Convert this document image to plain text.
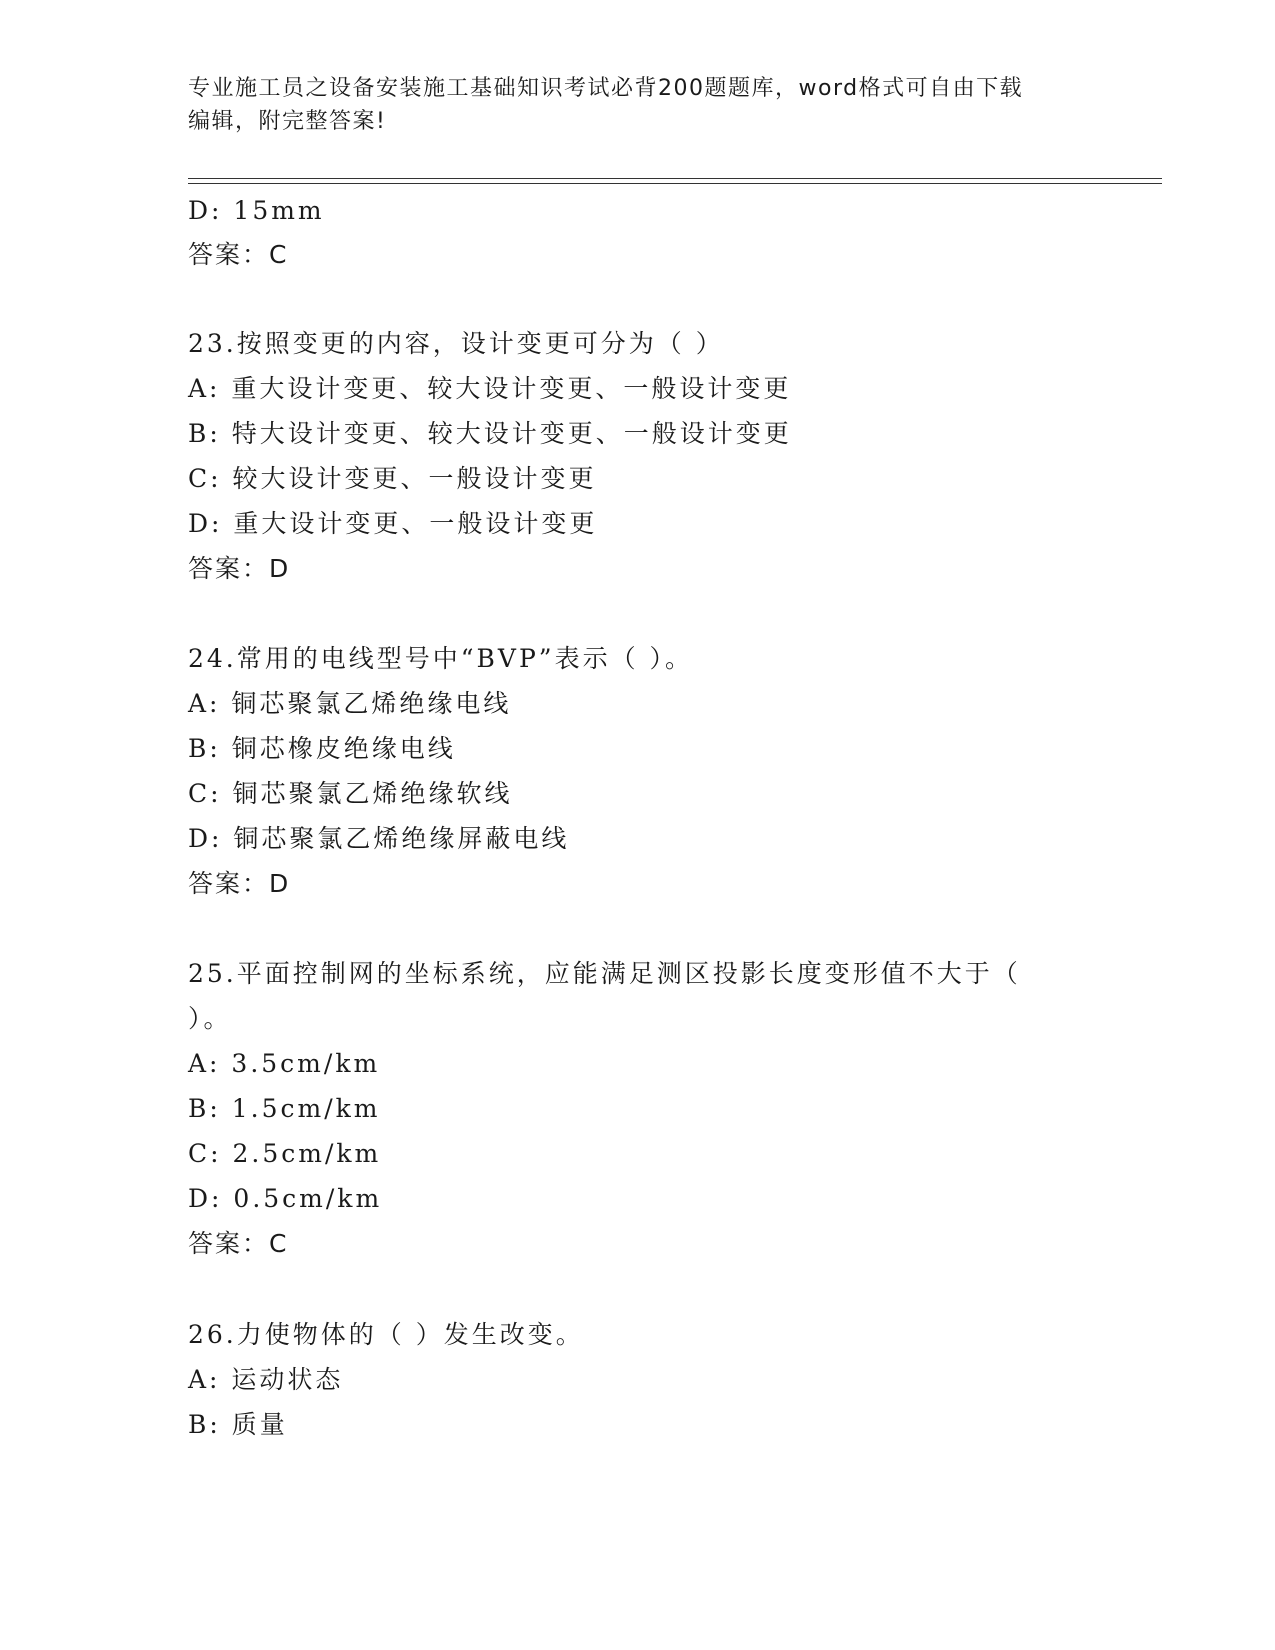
专业施工员之设备安装施工基础知识考试必背200题题库，word格式可自由下载
编辑，附完整答案!
D: 15mm
答案：C
23.按照变更的内容，设计变更可分为（ ）
A: 重大设计变更、较大设计变更、一般设计变更
B: 特大设计变更、较大设计变更、一般设计变更
C: 较大设计变更、一般设计变更
D: 重大设计变更、一般设计变更
答案：D
24.常用的电线型号中“BVP”表示（ ）。
A: 铜芯聚氯乙烯绝缘电线
B: 铜芯橡皮绝缘电线
C: 铜芯聚氯乙烯绝缘软线
D: 铜芯聚氯乙烯绝缘屏蔽电线
答案：D
25.平面控制网的坐标系统，应能满足测区投影长度变形值不大于（
）。
A: 3.5cm/km
B: 1.5cm/km
C: 2.5cm/km
D: 0.5cm/km
答案：C
26.力使物体的（ ）发生改变。
A: 运动状态
B: 质量
